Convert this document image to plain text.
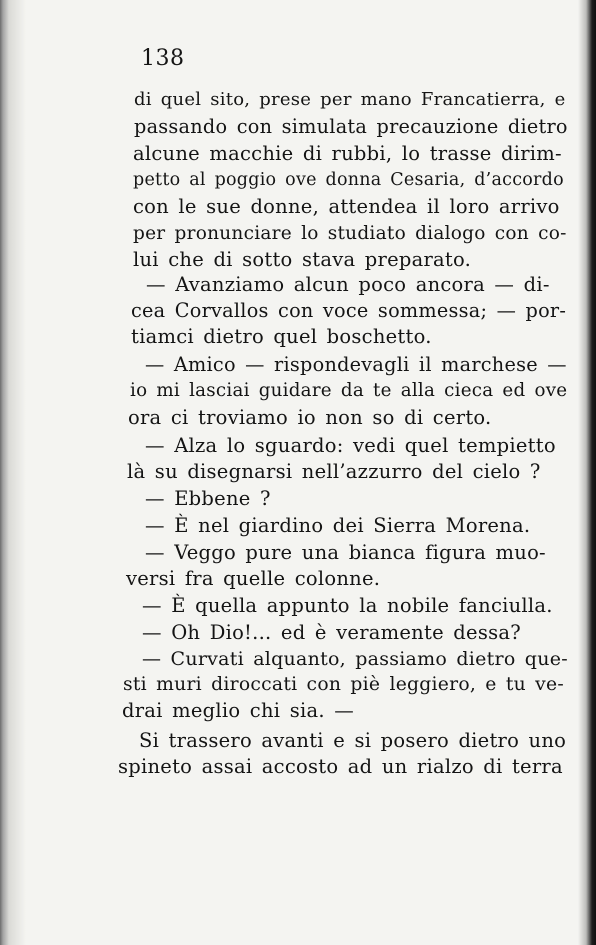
138

di quel sito, prese per mano Francatierra, e

passando con simulata precauzione dietro

alcune macchie di rubbi, lo trasse dirim-

petto al poggio ove donna Cesaria, d’accordo

con le sue donne, attendea il loro arrivo

per pronunciare lo studiato dialogo con co-

lui che di sotto stava preparato.

— Avanziamo alcun poco ancora — di-

cea Corvallos con voce sommessa; — por-

tiamci dietro quel boschetto.

— Amico — rispondevagli il marchese —

io mi lasciai guidare da te alla cieca ed ove

ora ci troviamo io non so di certo.

— Alza lo sguardo: vedi quel tempietto

là su disegnarsi nell’azzurro del cielo ?

— Ebbene ?

— È nel giardino dei Sierra Morena.

— Veggo pure una bianca figura muo-

versi fra quelle colonne.

— È quella appunto la nobile fanciulla.

— Oh Dio!... ed è veramente dessa?

— Curvati alquanto, passiamo dietro que-

sti muri diroccati con piè leggiero, e tu ve-

drai meglio chi sia. —

Si trassero avanti e si posero dietro uno

spineto assai accosto ad un rialzo di terra
